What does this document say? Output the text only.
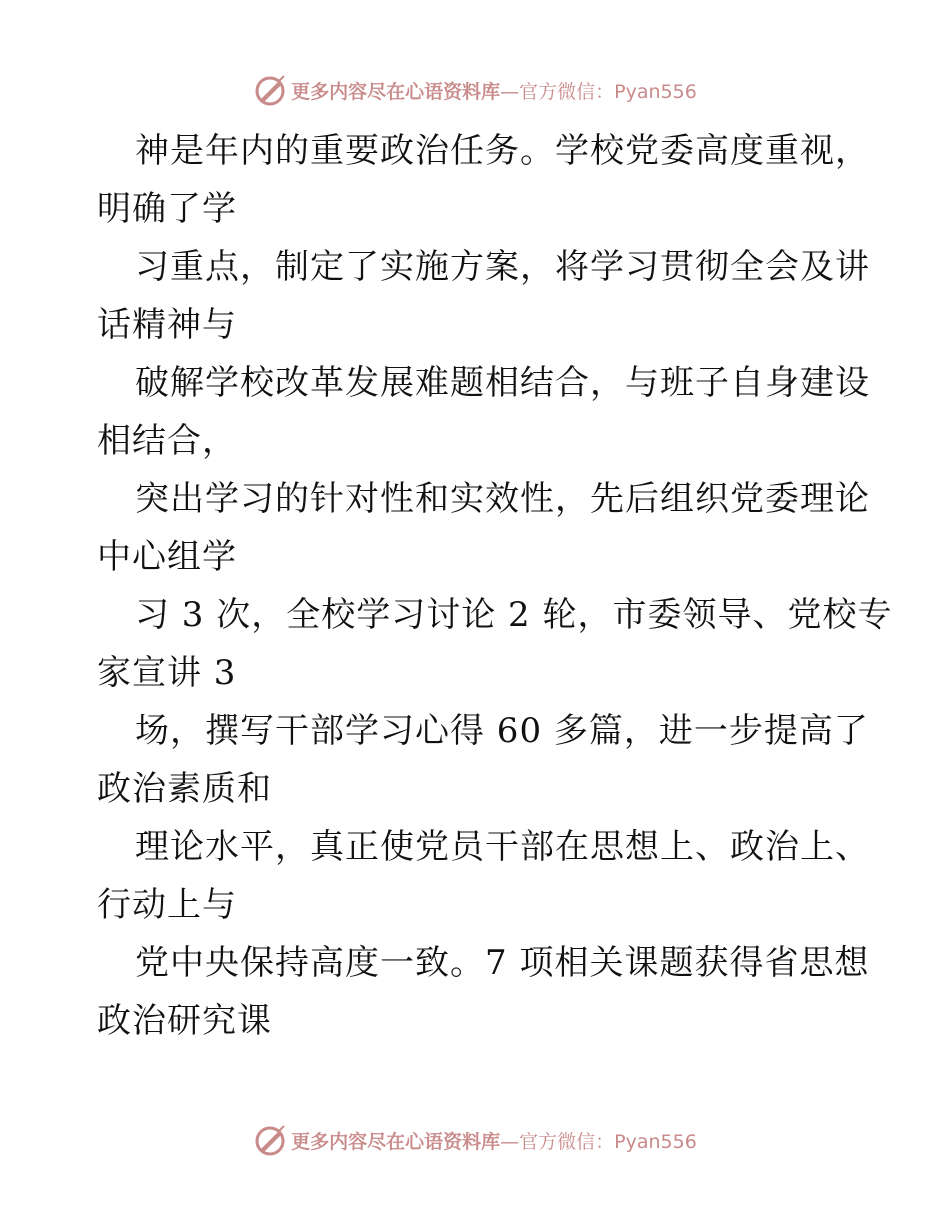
更多内容尽在心语资料库 —官方微信：Pyan556
神是年内的重要政治任务。学校党委高度重视，
明确了学
习重点，制定了实施方案，将学习贯彻全会及讲
话精神与
破解学校改革发展难题相结合，与班子自身建设
相结合，
突出学习的针对性和实效性，先后组织党委理论
中心组学
习 3 次，全校学习讨论 2 轮，市委领导、党校专
家宣讲 3
场，撰写干部学习心得 60 多篇，进一步提高了
政治素质和
理论水平，真正使党员干部在思想上、政治上、
行动上与
党中央保持高度一致。7 项相关课题获得省思想
政治研究课
更多内容尽在心语资料库 —官方微信：Pyan556
